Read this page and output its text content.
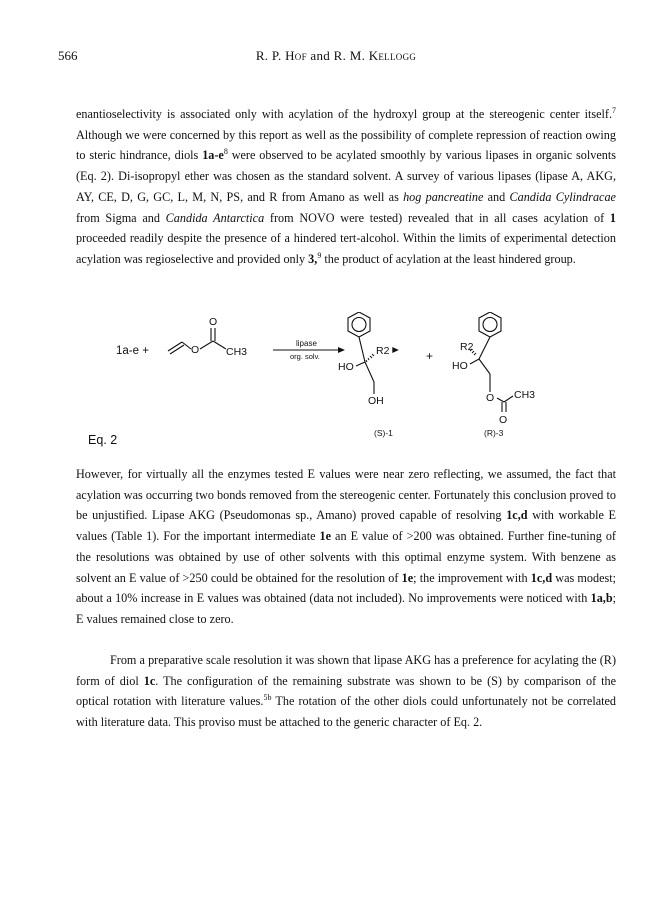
566	R. P. Hof and R. M. Kellogg
enantioselectivity is associated only with acylation of the hydroxyl group at the stereogenic center itself.$^7$ Although we were concerned by this report as well as the possibility of complete repression of reaction owing to steric hindrance, diols $1a-e^8$ were observed to be acylated smoothly by various lipases in organic solvents (Eq. 2). Di-isopropyl ether was chosen as the standard solvent. A survey of various lipases (lipase A, AKG, AY, CE, D, G, GC, L, M, N, PS, and R from Amano as well as hog pancreatine and Candida Cylindracae from Sigma and Candida Antarctica from NOVO were tested) revealed that in all cases acylation of 1 proceeded readily despite the presence of a hindered tert-alcohol. Within the limits of experimental detection acylation was regioselective and provided only 3,$^9$ the product of acylation at the least hindered group.
1a-e +	O
O
CH3
lipase
org. solv.	R2
HO
OH
+
R2
HO
O CH3
O
(S)-1	(R)-3
Eq. 2
However, for virtually all the enzymes tested E values were near zero reflecting, we assumed, the fact that acylation was occurring two bonds removed from the stereogenic center. Fortunately this conclusion proved to be unjustified. Lipase AKG (Pseudomonas sp., Amano) proved capable of resolving 1c,d with workable E values (Table 1). For the important intermediate 1e an E value of >200 was obtained. Further fine-tuning of the resolutions was obtained by use of other solvents with this optimal enzyme system. With benzene as solvent an E value of >250 could be obtained for the resolution of 1e; the improvement with 1c,d was modest; about a 10% increase in E values was obtained (data not included). No improvements were noticed with 1a,b; E values remained close to zero.
From a preparative scale resolution it was shown that lipase AKG has a preference for acylating the (R) form of diol 1c. The configuration of the remaining substrate was shown to be (S) by comparison of the optical rotation with literature values.$^{5b}$ The rotation of the other diols could unfortunately not be correlated with literature data. This proviso must be attached to the generic character of Eq. 2.
